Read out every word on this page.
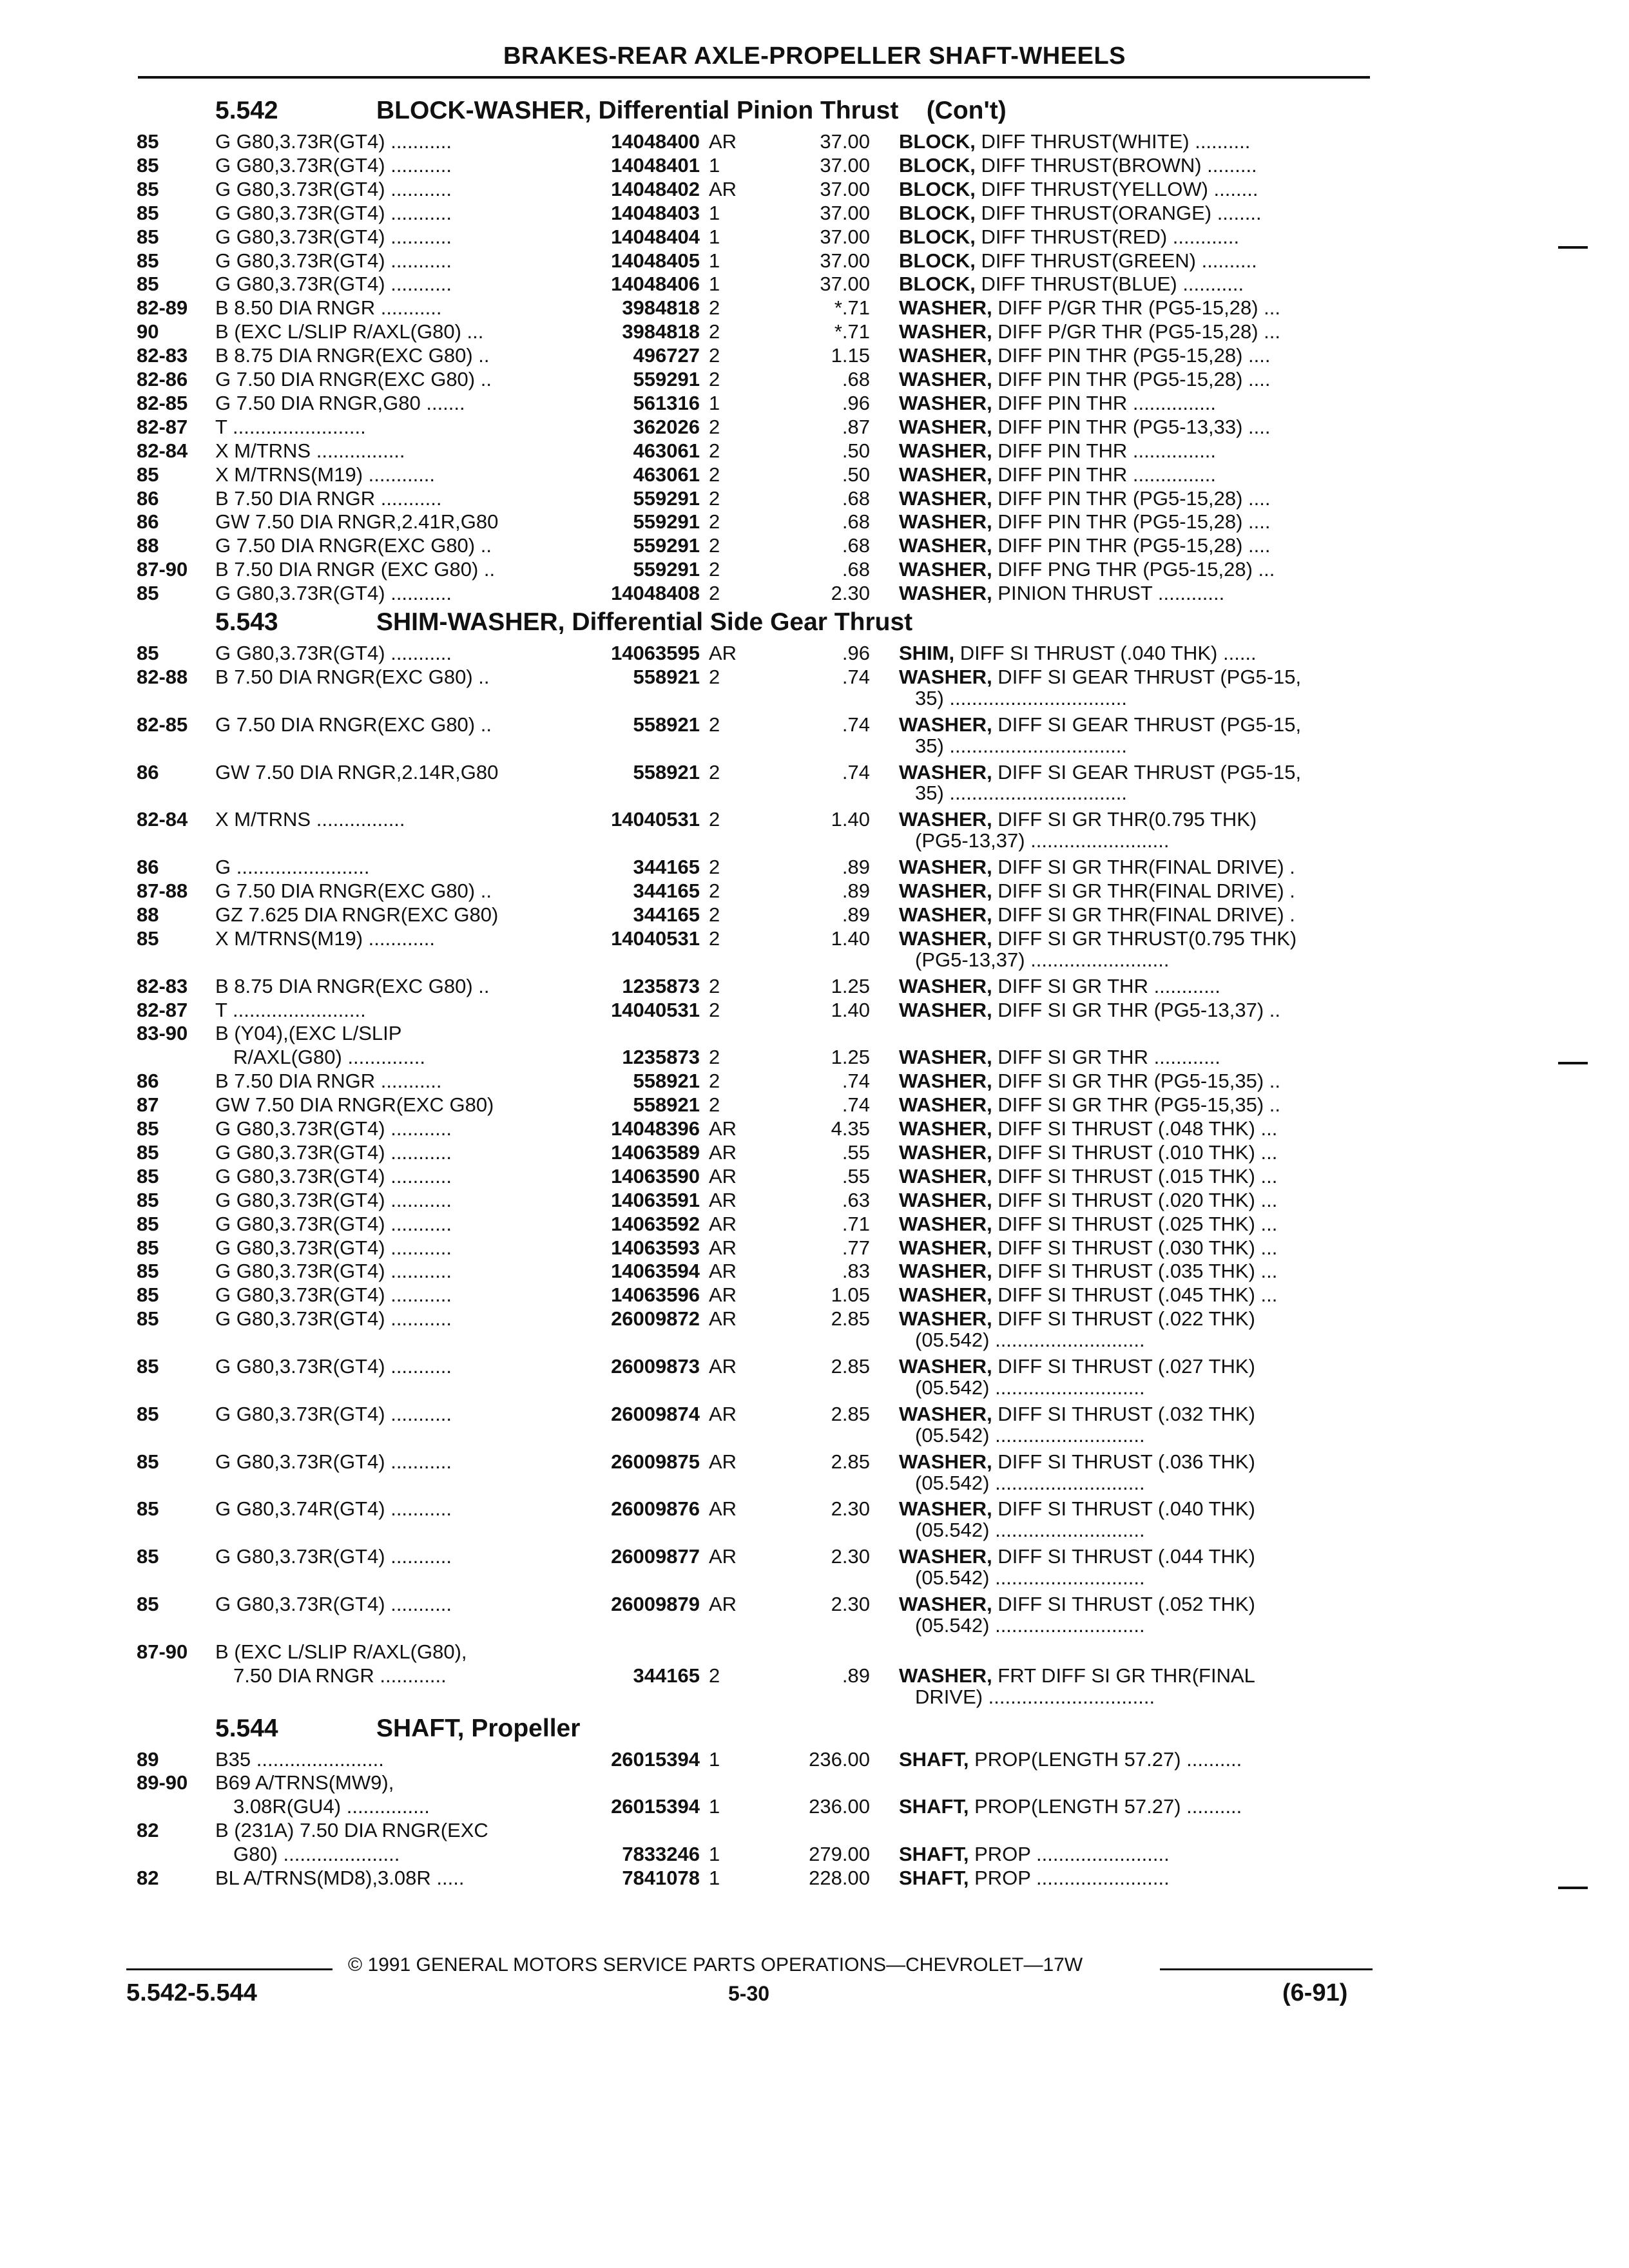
BRAKES-REAR AXLE-PROPELLER SHAFT-WHEELS
5.542	BLOCK-WASHER, Differential Pinion Thrust (Con't)
85	G G80,3.73R(GT4) ...........	14048400 AR	37.00 BLOCK, DIFF THRUST(WHITE) ..........
85	G G80,3.73R(GT4) ...........	14048401 1	37.00 BLOCK, DIFF THRUST(BROWN) .........
85	G G80,3.73R(GT4) ...........	14048402 AR	37.00 BLOCK, DIFF THRUST(YELLOW) ........
85	G G80,3.73R(GT4) ...........	14048403 1	37.00 BLOCK, DIFF THRUST(ORANGE) ........
85	G G80,3.73R(GT4) ...........	14048404 1	37.00 BLOCK, DIFF THRUST(RED) ............
85	G G80,3.73R(GT4) ...........	14048405 1	37.00 BLOCK, DIFF THRUST(GREEN) ..........
85	G G80,3.73R(GT4) ...........	14048406 1	37.00 BLOCK, DIFF THRUST(BLUE) ...........
82-89 B 8.50 DIA RNGR ...........	3984818 2	*.71 WASHER, DIFF P/GR THR (PG5-15,28) ...
90	B (EXC L/SLIP R/AXL(G80) ...	3984818 2	*.71 WASHER, DIFF P/GR THR (PG5-15,28) ...
82-83 B 8.75 DIA RNGR(EXC G80) ..	496727 2	1.15 WASHER, DIFF PIN THR (PG5-15,28) ....
82-86 G 7.50 DIA RNGR(EXC G80) ..	559291 2	.68 WASHER, DIFF PIN THR (PG5-15,28) ....
82-85 G 7.50 DIA RNGR,G80 .......	561316 1	.96 WASHER, DIFF PIN THR ...............
82-87 T ........................	362026 2	.87 WASHER, DIFF PIN THR (PG5-13,33) ....
82-84 X M/TRNS ................	463061 2	.50 WASHER, DIFF PIN THR ...............
85	X M/TRNS(M19) ............	463061 2	.50 WASHER, DIFF PIN THR ...............
86	B 7.50 DIA RNGR ...........	559291 2	.68 WASHER, DIFF PIN THR (PG5-15,28) ....
86	GW 7.50 DIA RNGR,2.41R,G80	559291 2	.68 WASHER, DIFF PIN THR (PG5-15,28) ....
88	G 7.50 DIA RNGR(EXC G80) ..	559291 2	.68 WASHER, DIFF PIN THR (PG5-15,28) ....
87-90 B 7.50 DIA RNGR (EXC G80) ..	559291 2	.68 WASHER, DIFF PNG THR (PG5-15,28) ...
85	G G80,3.73R(GT4) ...........	14048408 2	2.30 WASHER, PINION THRUST ............
5.543	SHIM-WASHER, Differential Side Gear Thrust
85	G G80,3.73R(GT4) ...........	14063595 AR	.96 SHIM, DIFF SI THRUST (.040 THK) ......
82-88 B 7.50 DIA RNGR(EXC G80) ..	558921 2	.74 WASHER, DIFF SI GEAR THRUST (PG5-15,
35) ................................
82-85 G 7.50 DIA RNGR(EXC G80) ..	558921 2	.74 WASHER, DIFF SI GEAR THRUST (PG5-15,
35) ................................
86	GW 7.50 DIA RNGR,2.14R,G80	558921 2	.74 WASHER, DIFF SI GEAR THRUST (PG5-15,
35) ................................
82-84 X M/TRNS ................	14040531 2	1.40 WASHER, DIFF SI GR THR(0.795 THK)
(PG5-13,37) .........................
86	G ........................	344165 2	.89 WASHER, DIFF SI GR THR(FINAL DRIVE) .
87-88 G 7.50 DIA RNGR(EXC G80) ..	344165 2	.89 WASHER, DIFF SI GR THR(FINAL DRIVE) .
88	GZ 7.625 DIA RNGR(EXC G80)	344165 2	.89 WASHER, DIFF SI GR THR(FINAL DRIVE) .
85	X M/TRNS(M19) ............	14040531 2	1.40 WASHER, DIFF SI GR THRUST(0.795 THK)
(PG5-13,37) .........................
82-83 B 8.75 DIA RNGR(EXC G80) ..	1235873 2	1.25 WASHER, DIFF SI GR THR ............
82-87 T ........................	14040531 2	1.40 WASHER, DIFF SI GR THR (PG5-13,37) ..
83-90 B (Y04),(EXC L/SLIP
R/AXL(G80) ..............	1235873 2	1.25 WASHER, DIFF SI GR THR ............
86	B 7.50 DIA RNGR ...........	558921 2	.74 WASHER, DIFF SI GR THR (PG5-15,35) ..
87	GW 7.50 DIA RNGR(EXC G80)	558921 2	.74 WASHER, DIFF SI GR THR (PG5-15,35) ..
85	G G80,3.73R(GT4) ...........	14048396 AR	4.35 WASHER, DIFF SI THRUST (.048 THK) ...
85	G G80,3.73R(GT4) ...........	14063589 AR	.55 WASHER, DIFF SI THRUST (.010 THK) ...
85	G G80,3.73R(GT4) ...........	14063590 AR	.55 WASHER, DIFF SI THRUST (.015 THK) ...
85	G G80,3.73R(GT4) ...........	14063591 AR	.63 WASHER, DIFF SI THRUST (.020 THK) ...
85	G G80,3.73R(GT4) ...........	14063592 AR	.71 WASHER, DIFF SI THRUST (.025 THK) ...
85	G G80,3.73R(GT4) ...........	14063593 AR	.77 WASHER, DIFF SI THRUST (.030 THK) ...
85	G G80,3.73R(GT4) ...........	14063594 AR	.83 WASHER, DIFF SI THRUST (.035 THK) ...
85	G G80,3.73R(GT4) ...........	14063596 AR	1.05 WASHER, DIFF SI THRUST (.045 THK) ...
85	G G80,3.73R(GT4) ...........	26009872 AR	2.85 WASHER, DIFF SI THRUST (.022 THK)
(05.542) ...........................
85	G G80,3.73R(GT4) ...........	26009873 AR	2.85 WASHER, DIFF SI THRUST (.027 THK)
(05.542) ...........................
85	G G80,3.73R(GT4) ...........	26009874 AR	2.85 WASHER, DIFF SI THRUST (.032 THK)
(05.542) ...........................
85	G G80,3.73R(GT4) ...........	26009875 AR	2.85 WASHER, DIFF SI THRUST (.036 THK)
(05.542) ...........................
85	G G80,3.74R(GT4) ...........	26009876 AR	2.30 WASHER, DIFF SI THRUST (.040 THK)
(05.542) ...........................
85	G G80,3.73R(GT4) ...........	26009877 AR	2.30 WASHER, DIFF SI THRUST (.044 THK)
(05.542) ...........................
85	G G80,3.73R(GT4) ...........	26009879 AR	2.30 WASHER, DIFF SI THRUST (.052 THK)
(05.542) ...........................
87-90 B (EXC L/SLIP R/AXL(G80),
7.50 DIA RNGR ............	344165 2	.89 WASHER, FRT DIFF SI GR THR(FINAL
DRIVE) ..............................
5.544	SHAFT, Propeller
89	B35 .......................	26015394 1	236.00 SHAFT, PROP(LENGTH 57.27) ..........
89-90 B69 A/TRNS(MW9),
3.08R(GU4) ...............	26015394 1	236.00 SHAFT, PROP(LENGTH 57.27) ..........
82	B (231A) 7.50 DIA RNGR(EXC
G80) .....................	7833246 1	279.00 SHAFT, PROP ........................
82	BL A/TRNS(MD8),3.08R .....	7841078 1	228.00 SHAFT, PROP ........................
© 1991 GENERAL MOTORS SERVICE PARTS OPERATIONS—CHEVROLET—17W
5.542-5.544	5-30	(6-91)
